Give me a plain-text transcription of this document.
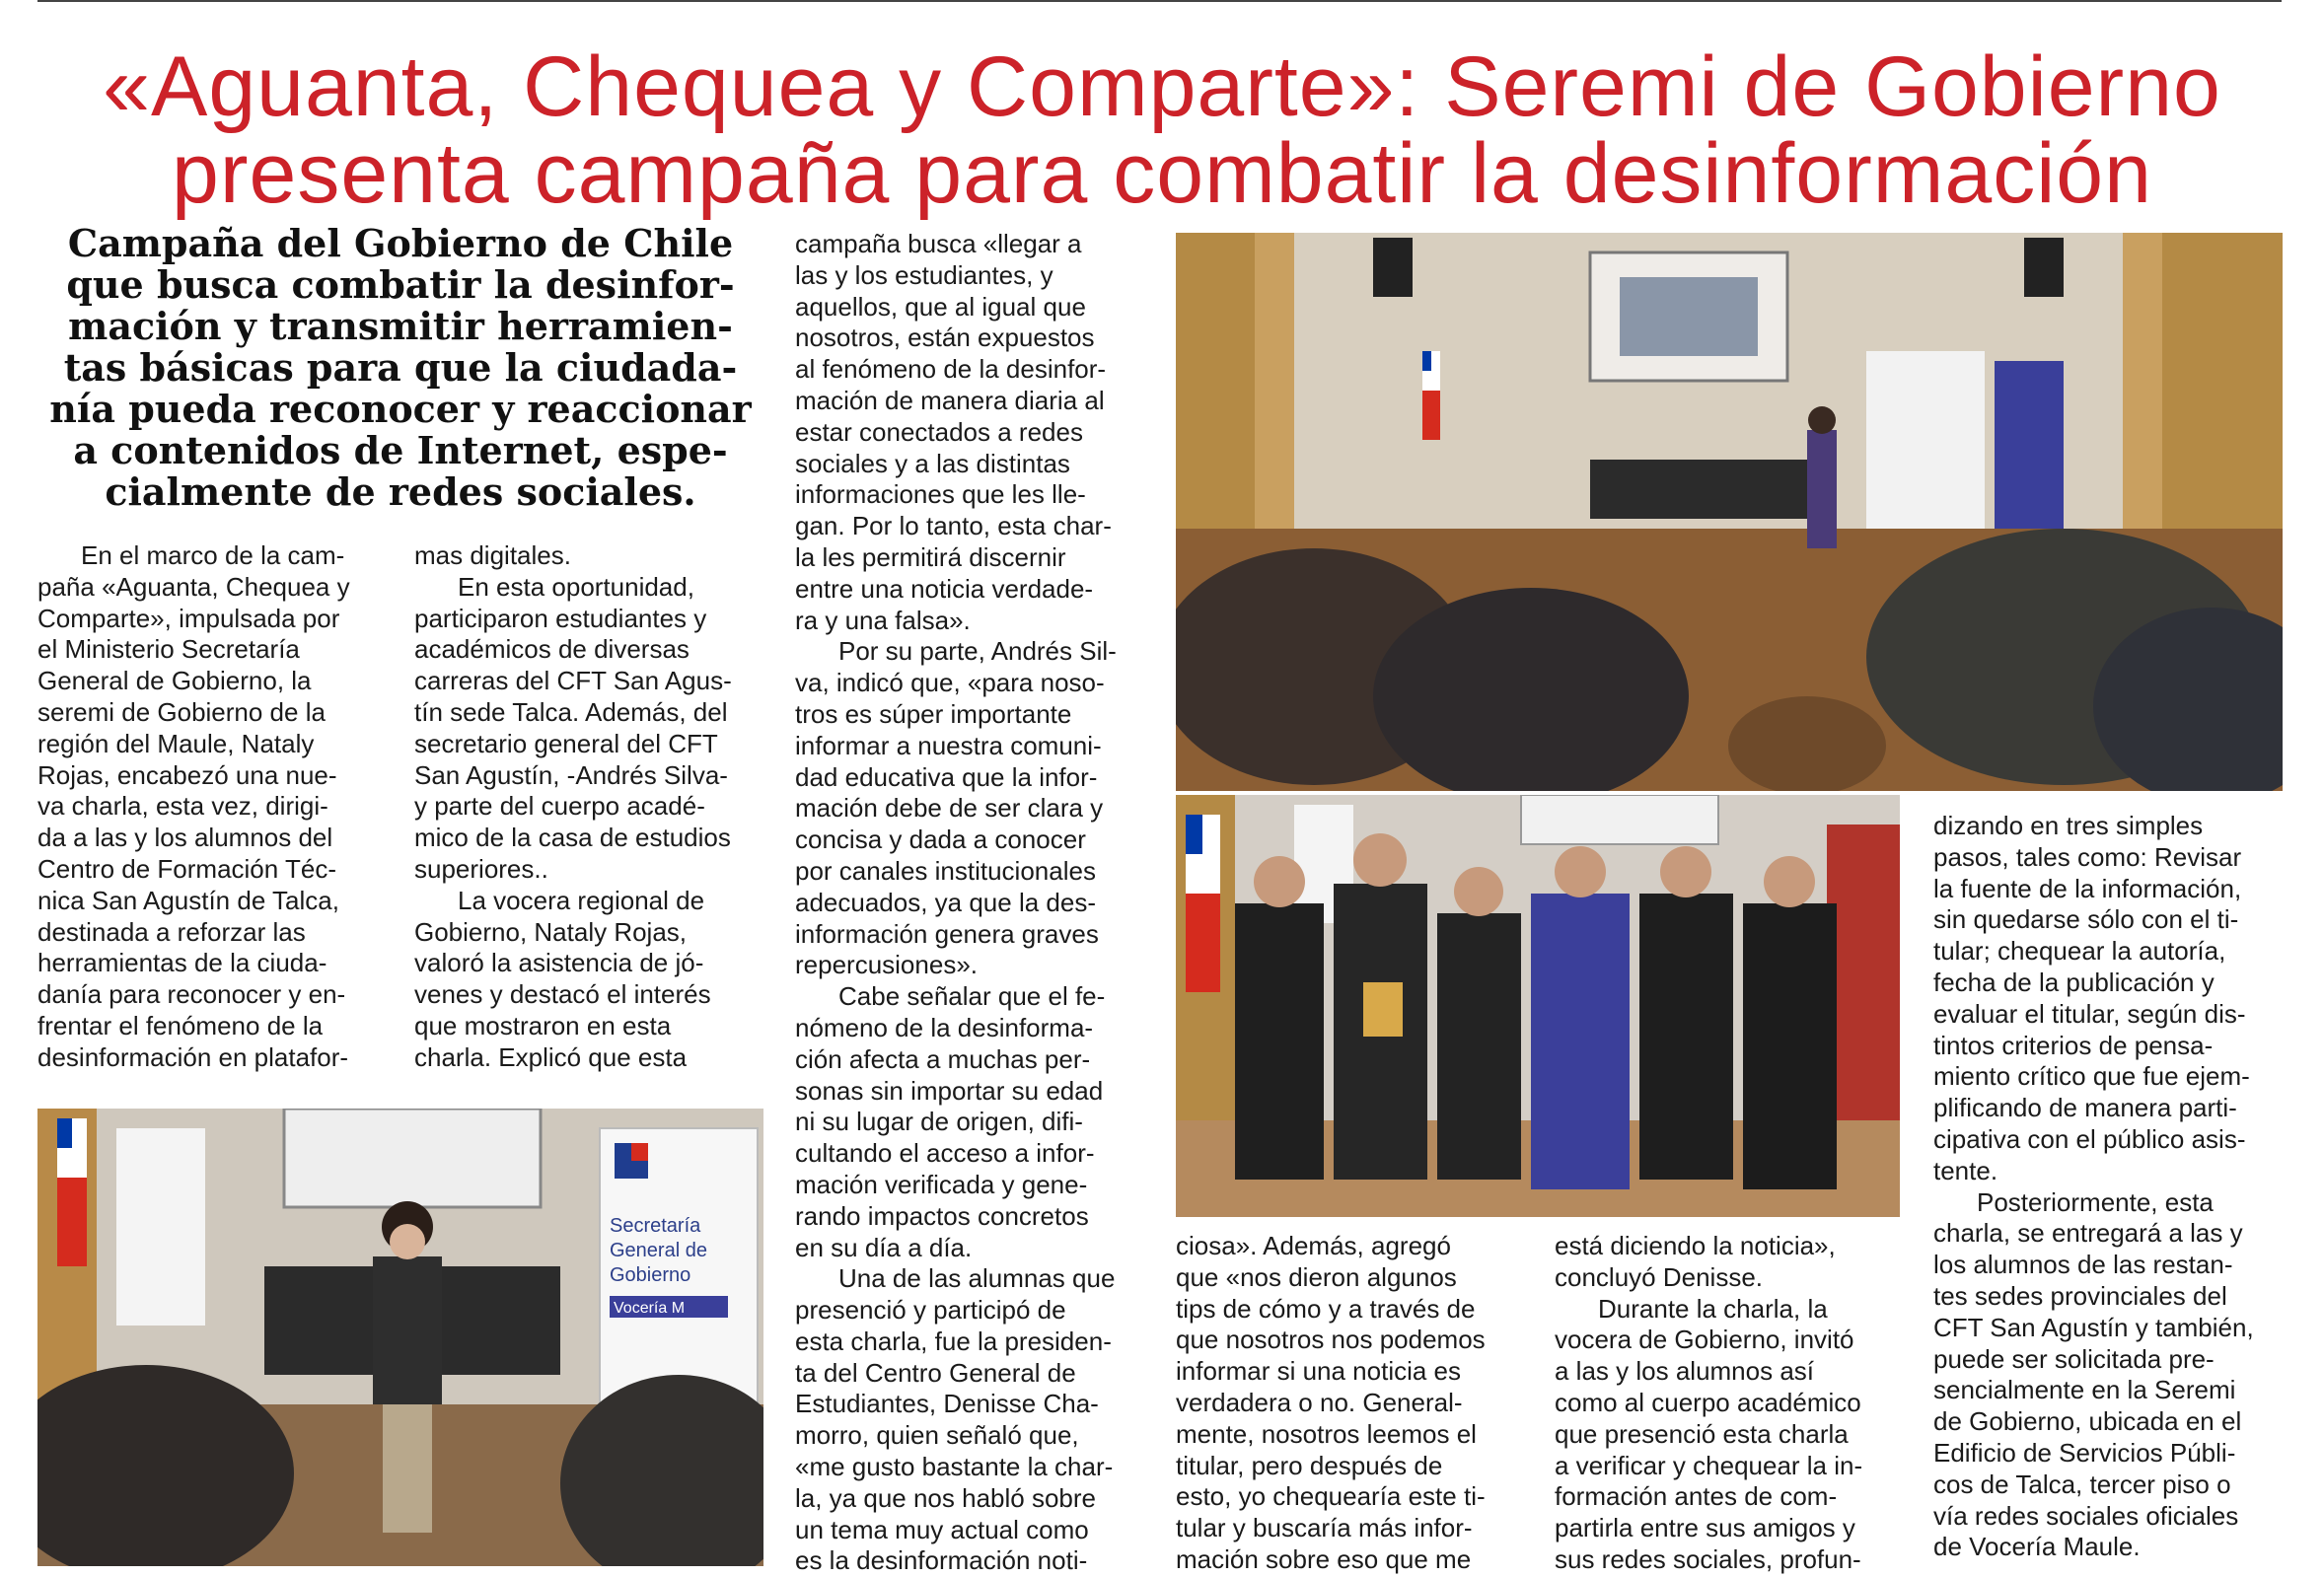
«Aguanta, Chequea y Comparte»: Seremi de Gobierno
presenta campaña para combatir la desinformación
Campaña del Gobierno de Chile
que busca combatir la desinfor-
mación y transmitir herramien-
tas básicas para que la ciudada-
nía pueda reconocer y reaccionar
a contenidos de Internet, espe-
cialmente de redes sociales.
En el marco de la cam-
paña «Aguanta, Chequea y
Comparte», impulsada por
el Ministerio Secretaría
General de Gobierno, la
seremi de Gobierno de la
región del Maule, Nataly
Rojas, encabezó una nue-
va charla, esta vez, dirigi-
da a las y los alumnos del
Centro de Formación Téc-
nica San Agustín de Talca,
destinada a reforzar las
herramientas de la ciuda-
danía para reconocer y en-
frentar el fenómeno de la
desinformación en platafor-
mas digitales.
En esta oportunidad,
participaron estudiantes y
académicos de diversas
carreras del CFT San Agus-
tín sede Talca. Además, del
secretario general del CFT
San Agustín, -Andrés Silva-
y parte del cuerpo acadé-
mico de la casa de estudios
superiores..
La vocera regional de
Gobierno, Nataly Rojas,
valoró la asistencia de jó-
venes y destacó el interés
que mostraron en esta
charla. Explicó que esta
campaña busca «llegar a
las y los estudiantes, y
aquellos, que al igual que
nosotros, están expuestos
al fenómeno de la desinfor-
mación de manera diaria al
estar conectados a redes
sociales y a las distintas
informaciones que les lle-
gan. Por lo tanto, esta char-
la les permitirá discernir
entre una noticia verdade-
ra y una falsa».
Por su parte, Andrés Sil-
va, indicó que, «para noso-
tros es súper importante
informar a nuestra comuni-
dad educativa que la infor-
mación debe de ser clara y
concisa y dada a conocer
por canales institucionales
adecuados, ya que la des-
información genera graves
repercusiones».
Cabe señalar que el fe-
nómeno de la desinforma-
ción afecta a muchas per-
sonas sin importar su edad
ni su lugar de origen, difi-
cultando el acceso a infor-
mación verificada y gene-
rando impactos concretos
en su día a día.
Una de las alumnas que
presenció y participó de
esta charla, fue la presiden-
ta del Centro General de
Estudiantes, Denisse Cha-
morro, quien señaló que,
«me gusto bastante la char-
la, ya que nos habló sobre
un tema muy actual como
es la desinformación noti-
ciosa». Además, agregó
que «nos dieron algunos
tips de cómo y a través de
que nosotros nos podemos
informar si una noticia es
verdadera o no. General-
mente, nosotros leemos el
titular, pero después de
esto, yo chequearía este ti-
tular y buscaría más infor-
mación sobre eso que me
está diciendo la noticia»,
concluyó Denisse.
Durante la charla, la
vocera de Gobierno, invitó
a las y los alumnos así
como al cuerpo académico
que presenció esta charla
a verificar y chequear la in-
formación antes de com-
partirla entre sus amigos y
sus redes sociales, profun-
dizando en tres simples
pasos, tales como: Revisar
la fuente de la información,
sin quedarse sólo con el ti-
tular; chequear la autoría,
fecha de la publicación y
evaluar el titular, según dis-
tintos criterios de pensa-
miento crítico que fue ejem-
plificando de manera parti-
cipativa con el público asis-
tente.
Posteriormente, esta
charla, se entregará a las y
los alumnos de las restan-
tes sedes provinciales del
CFT San Agustín y también,
puede ser solicitada pre-
sencialmente en la Seremi
de Gobierno, ubicada en el
Edificio de Servicios Públi-
cos de Talca, tercer piso o
vía redes sociales oficiales
de Vocería Maule.
Secretaría
General de
Gobierno
Vocería M
